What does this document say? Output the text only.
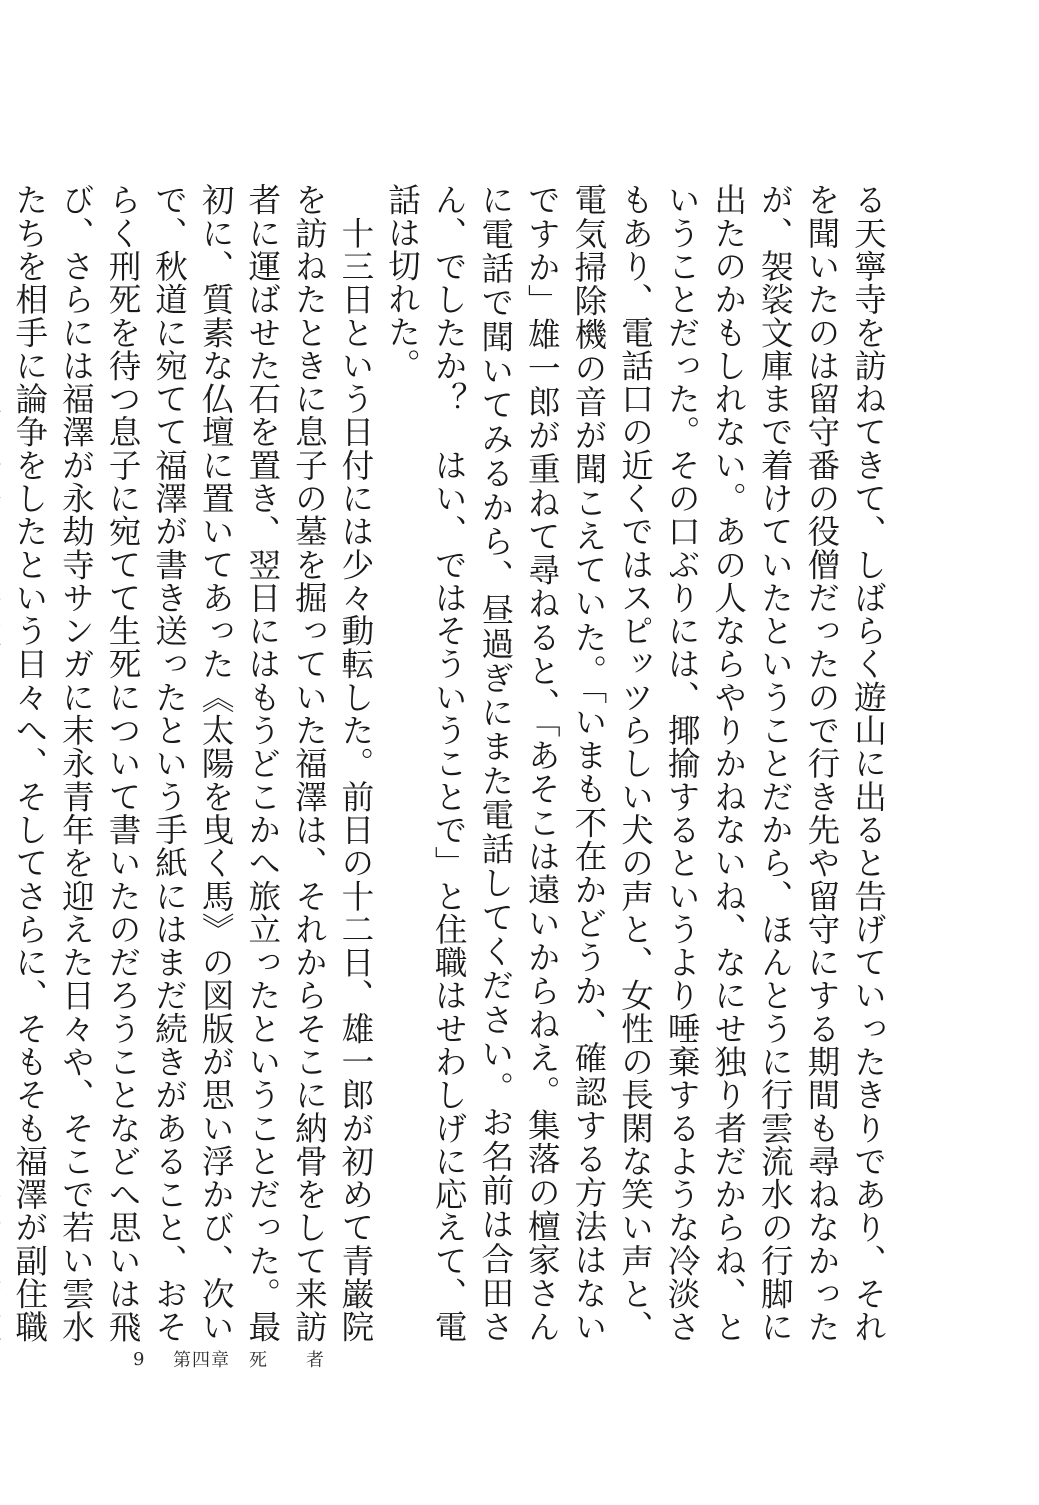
る天寧寺を訪ねてきて、しばらく遊山に出ると告げていったきりであり、それを聞いたのは留守番の役僧だったので行き先や留守にする期間も尋ねなかったが、袈裟文庫まで着けていたということだから、ほんとうに行雲流水の行脚に出たのかもしれない。あの人ならやりかねないね、なにせ独り者だからね、ということだった。その口ぶりには、揶揄するというより唾棄するような冷淡さもあり、電話口の近くではスピッツらしい犬の声と、女性の長閑な笑い声と、電気掃除機の音が聞こえていた。「いまも不在かどうか、確認する方法はないですか」雄一郎が重ねて尋ねると、「あそこは遠いからねえ。集落の檀家さんに電話で聞いてみるから、昼過ぎにまた電話してください。お名前は合田さん、でしたか？　はい、ではそういうことで」と住職はせわしげに応えて、電話は切れた。

　十三日という日付には少々動転した。前日の十二日、雄一郎が初めて青巌院を訪ねたときに息子の墓を掘っていた福澤は、それからそこに納骨をして来訪者に運ばせた石を置き、翌日にはもうどこかへ旅立ったということだった。最初に、質素な仏壇に置いてあった《太陽を曳く馬》の図版が思い浮かび、次いで、秋道に宛てて福澤が書き送ったという手紙にはまだ続きがあること、おそらく刑死を待つ息子に宛てて生死について書いたのだろうことなどへ思いは飛び、さらには福澤が永劫寺サンガに末永青年を迎えた日々や、そこで若い雲水たちを相手に論争をしたという日々へ、そしてさらに、そもそも福澤が副住職

9	第四章　死　　者
